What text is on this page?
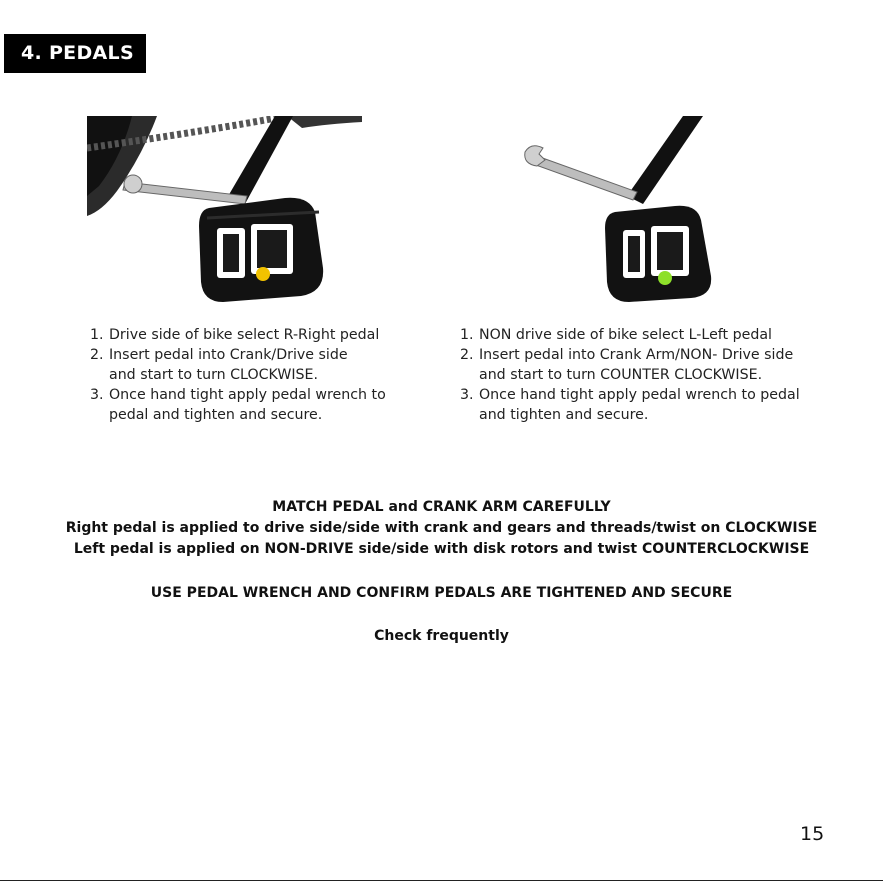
4. PEDALS
1. Drive side of bike select R-Right pedal
2. Insert pedal into Crank/Drive side
and start to turn CLOCKWISE.
3. Once hand tight apply pedal wrench to
pedal and tighten and secure.
1. NON drive side of bike select L-Left pedal
2. Insert pedal into Crank Arm/NON- Drive side
and start to turn COUNTER CLOCKWISE.
3. Once hand tight apply pedal wrench to pedal
and tighten and secure.

MATCH PEDAL and CRANK ARM CAREFULLY

Right pedal is applied to drive side/side with crank and gears and threads/twist on CLOCKWISE

Left pedal is applied on NON-DRIVE side/side with disk rotors and twist COUNTERCLOCKWISE

USE PEDAL WRENCH AND CONFIRM PEDALS ARE TIGHTENED AND SECURE

Check frequently

15
